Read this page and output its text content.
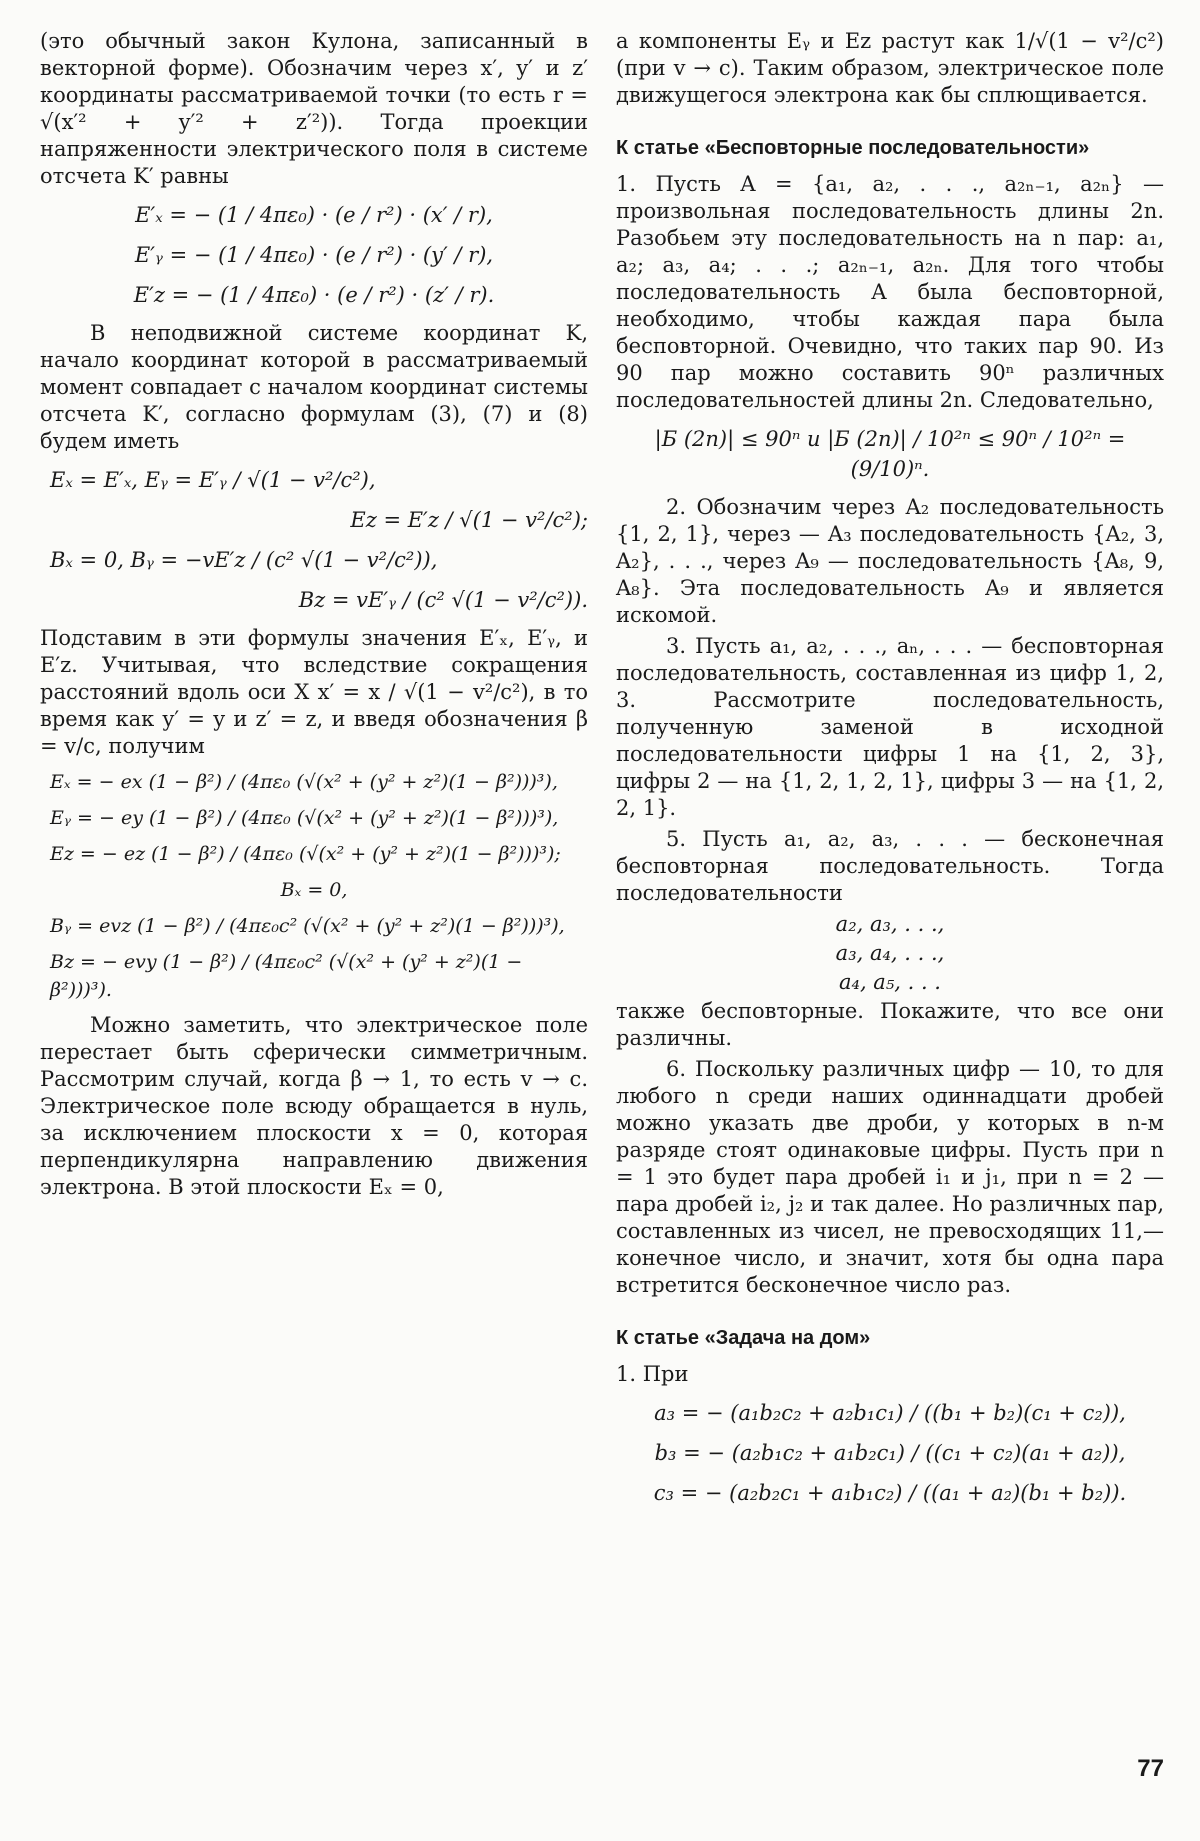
(это обычный закон Кулона, записанный в векторной форме). Обозначим через x′, y′ и z′ координаты рассматриваемой точки (то есть r = √(x′² + y′² + z′²)). Тогда проекции напряженности электрического поля в системе отсчета K′ равны

E′ₓ = − (1 / 4πε₀) · (e / r²) · (x′ / r),
E′ᵧ = − (1 / 4πε₀) · (e / r²) · (y′ / r),
E′z = − (1 / 4πε₀) · (e / r²) · (z′ / r).

В неподвижной системе координат K, начало координат которой в рассматриваемый момент совпадает с началом координат системы отсчета K′, согласно формулам (3), (7) и (8) будем иметь

Eₓ = E′ₓ, Eᵧ = E′ᵧ / √(1 − v²/c²),
Ez = E′z / √(1 − v²/c²);
Bₓ = 0, Bᵧ = −vE′z / (c² √(1 − v²/c²)),
Bz = vE′ᵧ / (c² √(1 − v²/c²)).

Подставим в эти формулы значения E′ₓ, E′ᵧ, и E′z. Учитывая, что вследствие сокращения расстояний вдоль оси X x′ = x / √(1 − v²/c²), в то время как y′ = y и z′ = z, и введя обозначения β = v/c, получим

Eₓ = − ex (1 − β²) / (4πε₀ (√(x² + (y² + z²)(1 − β²)))³),
Eᵧ = − ey (1 − β²) / (4πε₀ (√(x² + (y² + z²)(1 − β²)))³),
Ez = − ez (1 − β²) / (4πε₀ (√(x² + (y² + z²)(1 − β²)))³);
Bₓ = 0,
Bᵧ = evz (1 − β²) / (4πε₀c² (√(x² + (y² + z²)(1 − β²)))³),
Bz = − evy (1 − β²) / (4πε₀c² (√(x² + (y² + z²)(1 − β²)))³).

Можно заметить, что электрическое поле перестает быть сферически симметричным. Рассмотрим случай, когда β → 1, то есть v → c. Электрическое поле всюду обращается в нуль, за исключением плоскости x = 0, которая перпендикулярна направлению движения электрона. В этой плоскости Eₓ = 0,

а компоненты Eᵧ и Ez растут как 1/√(1 − v²/c²) (при v → c). Таким образом, электрическое поле движущегося электрона как бы сплющивается.

К статье «Бесповторные последовательности»

1. Пусть A = {a₁, a₂, . . ., a₂ₙ₋₁, a₂ₙ} — произвольная последовательность длины 2n. Разобьем эту последовательность на n пар: a₁, a₂; a₃, a₄; . . .; a₂ₙ₋₁, a₂ₙ. Для того чтобы последовательность A была бесповторной, необходимо, чтобы каждая пара была бесповторной. Очевидно, что таких пар 90. Из 90 пар можно составить 90ⁿ различных последовательностей длины 2n. Следовательно,

|Б (2n)| ≤ 90ⁿ и |Б (2n)| / 10²ⁿ ≤ 90ⁿ / 10²ⁿ = (9/10)ⁿ.

2. Обозначим через A₂ последовательность {1, 2, 1}, через — A₃ последовательность {A₂, 3, A₂}, . . ., через A₉ — последовательность {A₈, 9, A₈}. Эта последовательность A₉ и является искомой.

3. Пусть a₁, a₂, . . ., aₙ, . . . — бесповторная последовательность, составленная из цифр 1, 2, 3. Рассмотрите последовательность, полученную заменой в исходной последовательности цифры 1 на {1, 2, 3}, цифры 2 — на {1, 2, 1, 2, 1}, цифры 3 — на {1, 2, 2, 1}.

5. Пусть a₁, a₂, a₃, . . . — бесконечная бесповторная последовательность. Тогда последовательности

a₂, a₃, . . .,
a₃, a₄, . . .,
a₄, a₅, . . .

также бесповторные. Покажите, что все они различны.

6. Поскольку различных цифр — 10, то для любого n среди наших одиннадцати дробей можно указать две дроби, у которых в n-м разряде стоят одинаковые цифры. Пусть при n = 1 это будет пара дробей i₁ и j₁, при n = 2 — пара дробей i₂, j₂ и так далее. Но различных пар, составленных из чисел, не превосходящих 11,— конечное число, и значит, хотя бы одна пара встретится бесконечное число раз.

К статье «Задача на дом»

1. При

a₃ = − (a₁b₂c₂ + a₂b₁c₁) / ((b₁ + b₂)(c₁ + c₂)),
b₃ = − (a₂b₁c₂ + a₁b₂c₁) / ((c₁ + c₂)(a₁ + a₂)),
c₃ = − (a₂b₂c₁ + a₁b₁c₂) / ((a₁ + a₂)(b₁ + b₂)).
77
